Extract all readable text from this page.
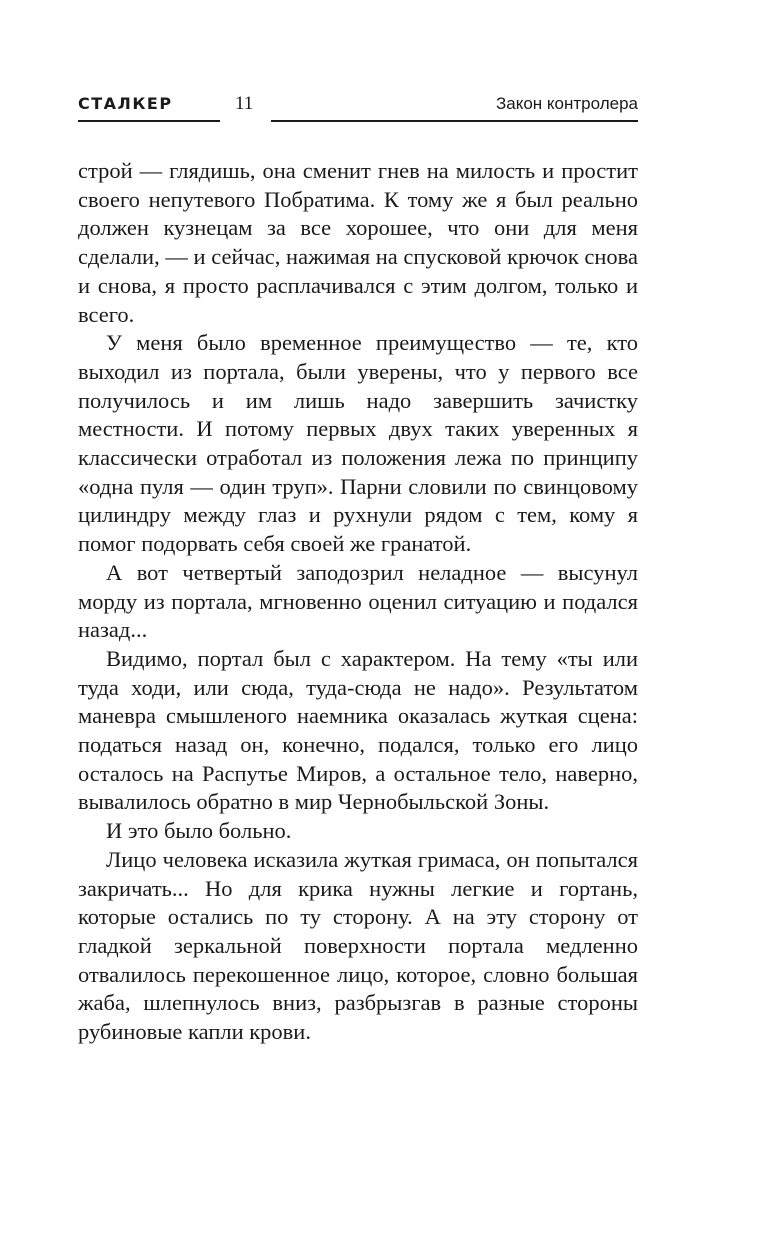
СТАЛКЕР	11	Закон контролера

строй — глядишь, она сменит гнев на милость и простит своего непутевого Побратима. К тому же я был реально должен кузнецам за все хорошее, что они для меня сделали, — и сейчас, нажимая на спусковой крючок снова и снова, я просто расплачивался с этим долгом, только и всего.

У меня было временное преимущество — те, кто выходил из портала, были уверены, что у первого все получилось и им лишь надо завершить зачистку местности. И потому первых двух таких уверенных я классически отработал из положения лежа по принципу «одна пуля — один труп». Парни словили по свинцовому цилиндру между глаз и рухнули рядом с тем, кому я помог подорвать себя своей же гранатой.

А вот четвертый заподозрил неладное — высунул морду из портала, мгновенно оценил ситуацию и подался назад...

Видимо, портал был с характером. На тему «ты или туда ходи, или сюда, туда-сюда не надо». Результатом маневра смышленого наемника оказалась жуткая сцена: податься назад он, конечно, подался, только его лицо осталось на Распутье Миров, а остальное тело, наверно, вывалилось обратно в мир Чернобыльской Зоны.

И это было больно.

Лицо человека исказила жуткая гримаса, он попытался закричать... Но для крика нужны легкие и гортань, которые остались по ту сторону. А на эту сторону от гладкой зеркальной поверхности портала медленно отвалилось перекошенное лицо, которое, словно большая жаба, шлепнулось вниз, разбрызгав в разные стороны рубиновые капли крови.
